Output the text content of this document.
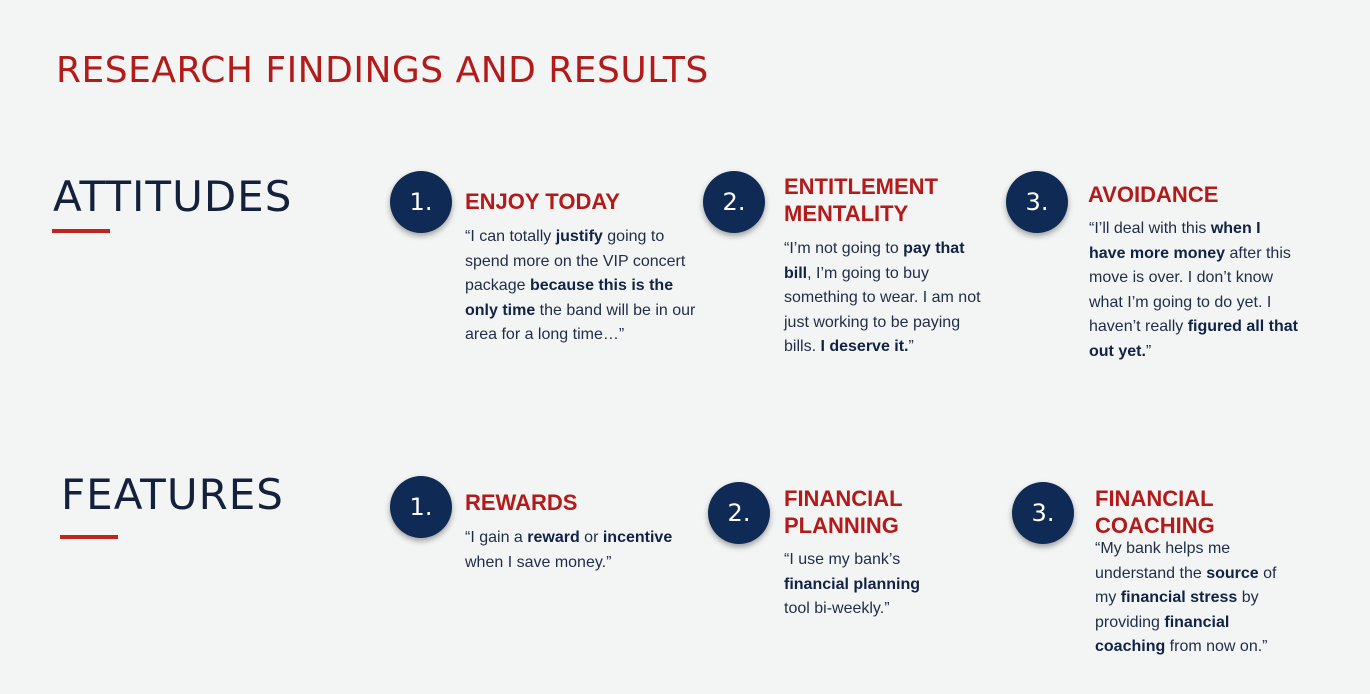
RESEARCH FINDINGS AND RESULTS
ATTITUDES	1.	ENJOY TODAY

“I can totally justify going to spend more on the VIP concert package because this is the only time the band will be in our area for a long time…”

2.
ENTITLEMENT MENTALITY

“I’m not going to pay that bill, I’m going to buy something to wear. I am not just working to be paying bills. I deserve it.”

3.	AVOIDANCE

“I’ll deal with this when I have more money after this move is over. I don’t know what I’m going to do yet. I haven’t really figured all that out yet.”

FEATURES	1.	REWARDS

“I gain a reward or incentive when I save money.”

2.
FINANCIAL PLANNING

“I use my bank’s financial planning tool bi-weekly.”

3.
FINANCIAL COACHING

“My bank helps me understand the source of my financial stress by providing financial coaching from now on.”
